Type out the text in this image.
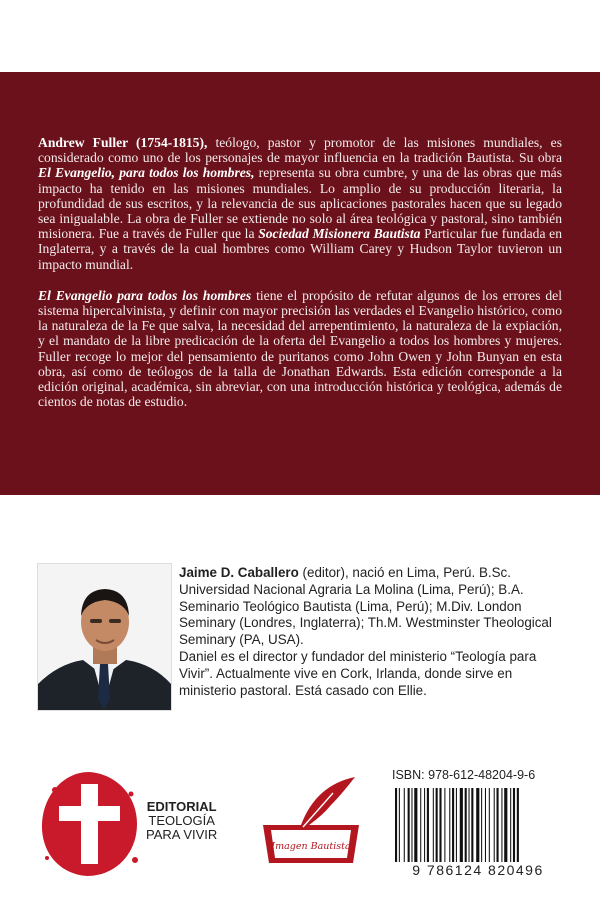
Andrew Fuller (1754-1815), teólogo, pastor y promotor de las misiones mundiales, es considerado como uno de los personajes de mayor influencia en la tradición Bautista. Su obra El Evangelio, para todos los hombres, representa su obra cumbre, y una de las obras que más impacto ha tenido en las misiones mundiales. Lo amplio de su producción literaria, la profundidad de sus escritos, y la relevancia de sus aplicaciones pastorales hacen que su legado sea inigualable. La obra de Fuller se extiende no solo al área teológica y pastoral, sino también misionera. Fue a través de Fuller que la Sociedad Misionera Bautista Particular fue fundada en Inglaterra, y a través de la cual hombres como William Carey y Hudson Taylor tuvieron un impacto mundial.

El Evangelio para todos los hombres tiene el propósito de refutar algunos de los errores del sistema hipercalvinista, y definir con mayor precisión las verdades el Evangelio histórico, como la naturaleza de la Fe que salva, la necesidad del arrepentimiento, la naturaleza de la expiación, y el mandato de la libre predicación de la oferta del Evangelio a todos los hombres y mujeres. Fuller recoge lo mejor del pensamiento de puritanos como John Owen y John Bunyan en esta obra, así como de teólogos de la talla de Jonathan Edwards. Esta edición corresponde a la edición original, académica, sin abreviar, con una introducción histórica y teológica, además de cientos de notas de estudio.

Jaime D. Caballero (editor), nació en Lima, Perú. B.Sc. Universidad Nacional Agraria La Molina (Lima, Perú); B.A. Seminario Teológico Bautista (Lima, Perú); M.Div. London Seminary (Londres, Inglaterra); Th.M. Westminster Theological Seminary (PA, USA).
Daniel es el director y fundador del ministerio “Teología para Vivir”. Actualmente vive en Cork, Irlanda, donde sirve en ministerio pastoral. Está casado con Ellie.
EDITORIAL
TEOLOGÍA
PARA VIVIR
Imagen Bautista
ISBN: 978-612-48204-9-6
9 786124 820496
